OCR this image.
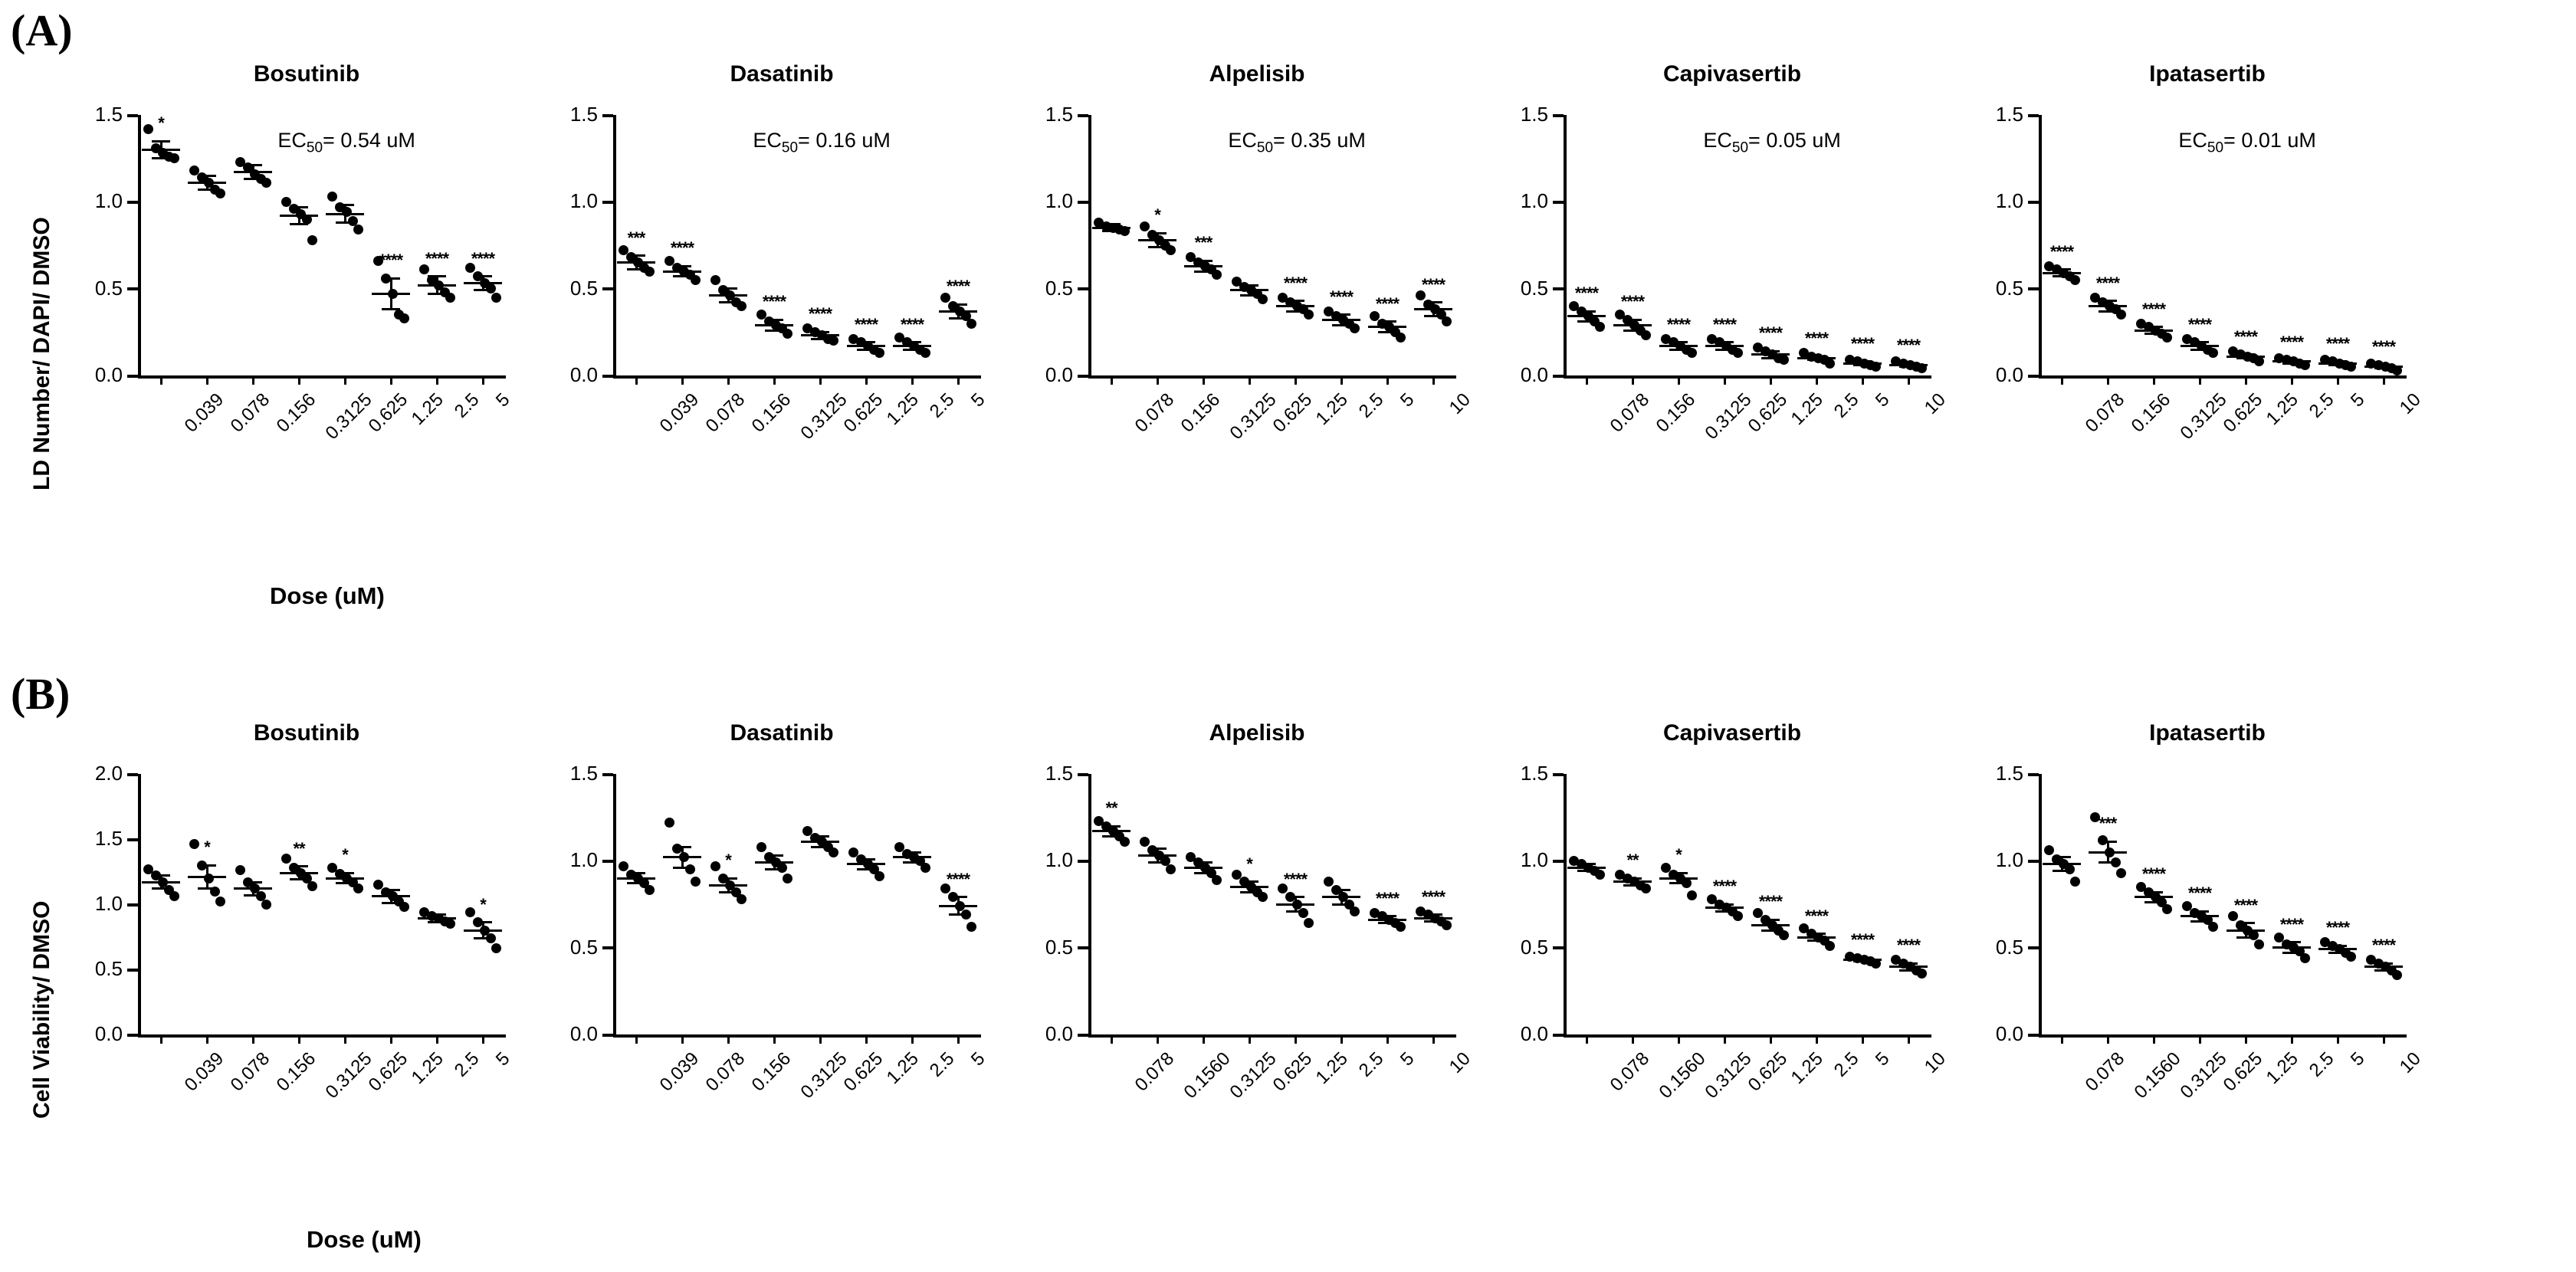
(A)
(B)
LD Number/ DAPI/ DMSO
Dose (uM)
Cell Viability/ DMSO
Dose (uM)
Bosutinib
0.0
0.5
1.0
1.5
0.039
*
0.078
0.156 0.3125
0.625
1.25
****
2.5
****
5
****
$EC_{50}= 0.54$ uM
Dasatinib
0.0
0.5
1.0
1.5
0.039
***
0.078
****
0.156 0.3125
****
0.625
****
1.25
****
2.5
****
5
****
$EC_{50}= 0.16$ uM
Alpelisib
0.0
0.5
1.0
1.5
0.078
0.156
*
0.3125
***
0.625
1.25
****
2.5
****
5
****
10
****
$EC_{50}= 0.35$ uM
Capivasertib
0.0
0.5
1.0
1.5
0.078
****
0.156
****
0.3125
****
0.625
****
1.25
****
2.5
****
5
****
10
****
$EC_{50}= 0.05$ uM
Ipatasertib
0.0
0.5
1.0
1.5
0.078
****
0.156
****
0.3125
****
0.625
****
1.25
****
2.5
****
5
****
10
****
$EC_{50}= 0.01$ uM
Bosutinib
0.0
0.5
1.0
1.5
2.0
0.039
0.078
*
0.156 0.3125
**
0.625
*
1.25 2.5 5
*
Dasatinib
0.0
0.5
1.0
1.5
0.039
0.078
0.156
*
0.3125
0.625
1.25 2.5 5
****
Alpelisib
0.0
0.5
1.0
1.5
0.078
**
0.1560
0.3125
0.625
*
1.25
****
2.5 5
****
10
****
Capivasertib
0.0
0.5
1.0
1.5
0.078 0.1560
**
0.3125
*
0.625
****
1.25
****
2.5
****
5
****
10
****
Ipatasertib
0.0
0.5
1.0
1.5
0.078 0.1560
***
0.3125
****
0.625
****
1.25
****
2.5
****
5
****
10
****
